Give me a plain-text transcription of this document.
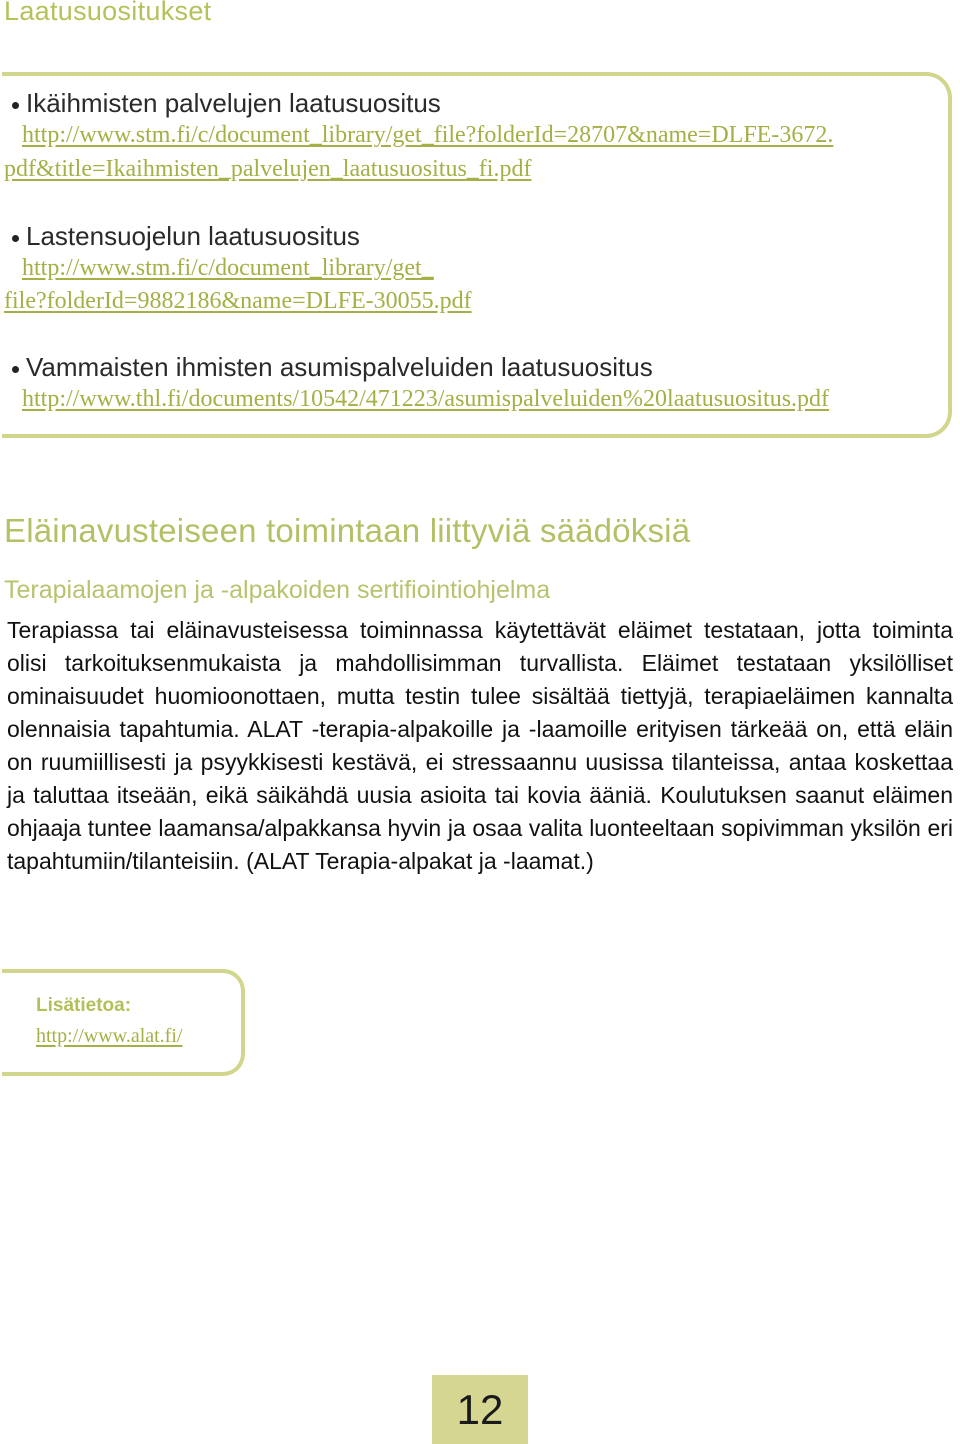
Laatusuositukset
Ikäihmisten palvelujen laatusuositus
http://www.stm.fi/c/document_library/get_file?folderId=28707&name=DLFE-3672.
pdf&title=Ikaihmisten_palvelujen_laatusuositus_fi.pdf
Lastensuojelun laatusuositus
http://www.stm.fi/c/document_library/get_
file?folderId=9882186&name=DLFE-30055.pdf
Vammaisten ihmisten asumispalveluiden laatusuositus
http://www.thl.fi/documents/10542/471223/asumispalveluiden%20laatusuositus.pdf
Eläinavusteiseen toimintaan liittyviä säädöksiä
Terapialaamojen ja -alpakoiden sertifiointiohjelma

Terapiassa tai eläinavusteisessa toiminnassa käytettävät eläimet testataan, jotta toiminta olisi tarkoituksenmukaista ja mahdollisimman turvallista. Eläimet testataan yksilölliset ominaisuudet huomioonottaen, mutta testin tulee sisältää tiettyjä, terapiaeläimen kannalta olennaisia tapahtumia. ALAT -terapia-alpakoille ja -laamoille erityisen tärkeää on, että eläin on ruumiillisesti ja psyykkisesti kestävä, ei stressaannu uusissa tilanteissa, antaa koskettaa ja taluttaa itseään, eikä säikähdä uusia asioita tai kovia ääniä. Koulutuksen saanut eläimen ohjaaja tuntee laamansa/alpakkansa hyvin ja osaa valita luonteeltaan sopivimman yksilön eri tapahtumiin/tilanteisiin. (ALAT Terapia-alpakat ja -laamat.)

Lisätietoa:
http://www.alat.fi/
12
